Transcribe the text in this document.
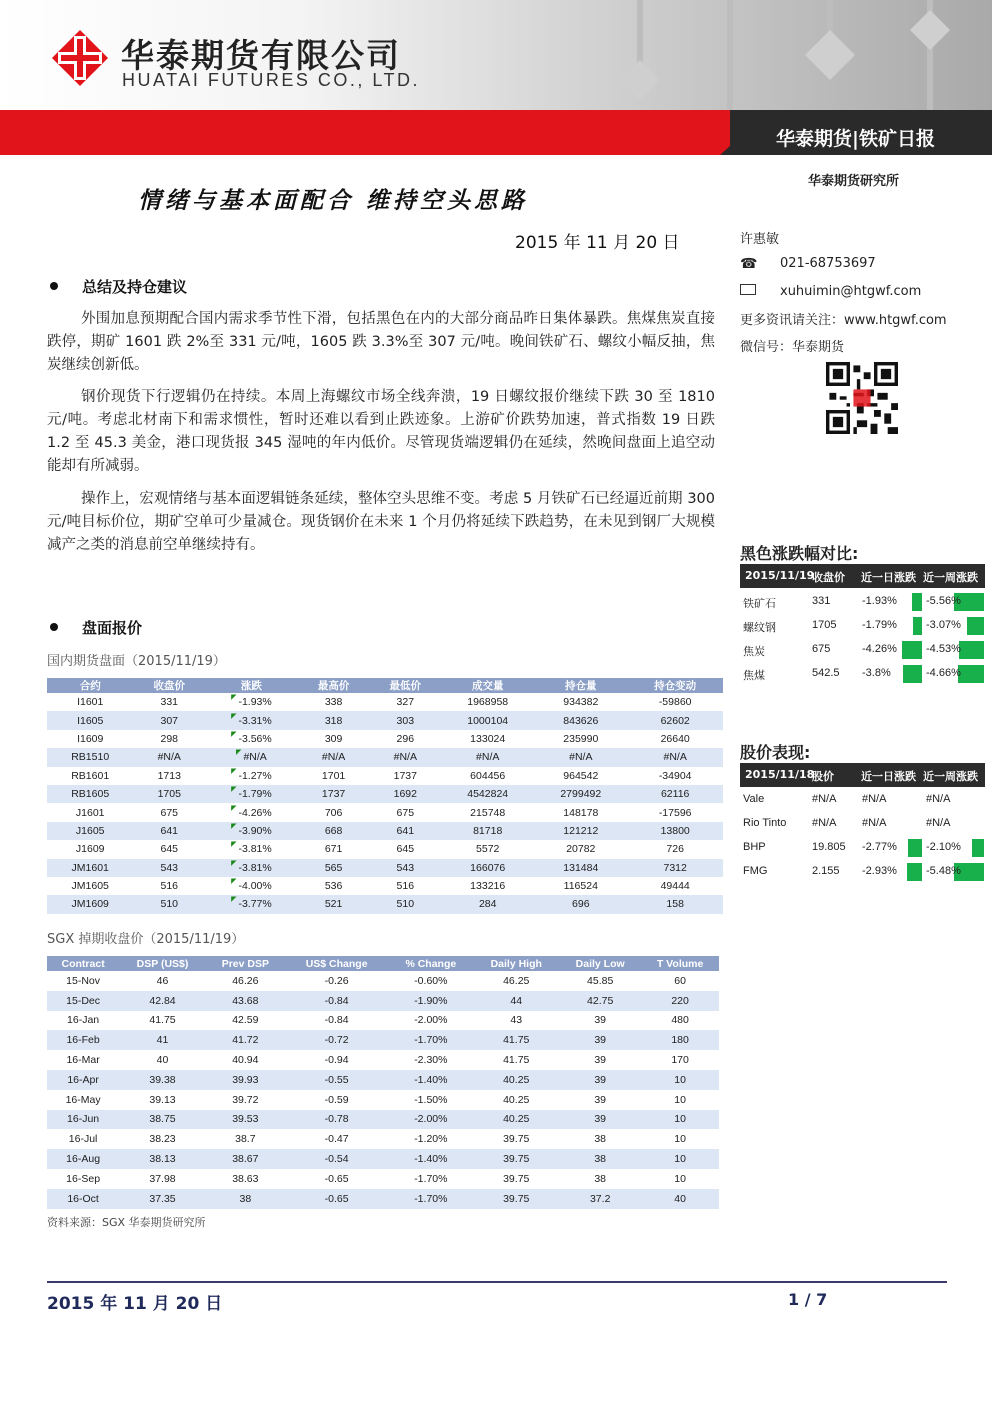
华泰期货有限公司
HUATAI FUTURES CO., LTD.
华泰期货|铁矿日报
华泰期货研究所
情绪与基本面配合 维持空头思路
2015 年 11 月 20 日	许惠敏
☎ 021-68753697
xuhuimin@htgwf.com
更多资讯请关注：www.htgwf.com
微信号：华泰期货
总结及持仓建议
外围加息预期配合国内需求季节性下滑，包括黑色在内的大部分商品昨日集体暴跌。焦煤焦炭直接跌停，期矿 1601 跌 2%至 331 元/吨，1605 跌 3.3%至 307 元/吨。晚间铁矿石、螺纹小幅反抽，焦炭继续创新低。
钢价现货下行逻辑仍在持续。本周上海螺纹市场全线奔溃，19 日螺纹报价继续下跌 30 至 1810 元/吨。考虑北材南下和需求惯性，暂时还难以看到止跌迹象。上游矿价跌势加速，普式指数 19 日跌 1.2 至 45.3 美金，港口现货报 345 湿吨的年内低价。尽管现货端逻辑仍在延续，然晚间盘面上追空动能却有所减弱。
操作上，宏观情绪与基本面逻辑链条延续，整体空头思维不变。考虑 5 月铁矿石已经逼近前期 300 元/吨目标价位，期矿空单可少量减仓。现货钢价在未来 1 个月仍将延续下跌趋势，在未见到钢厂大规模减产之类的消息前空单继续持有。
盘面报价
国内期货盘面（2015/11/19）
合约	收盘价	涨跌	最高价	最低价	成交量	持仓量	持仓变动
I1601	331	◤ -1.93%	338	327	1968958	934382	-59860
I1605	307	◤ -3.31%	318	303	1000104	843626	62602
I1609	298	◤ -3.56%	309	296	133024	235990	26640
RB1510	#N/A	◤ #N/A	#N/A	#N/A	#N/A	#N/A	#N/A
RB1601	1713	◤ -1.27%	1701	1737	604456	964542	-34904
RB1605	1705	◤ -1.79%	1737	1692	4542824	2799492	62116
J1601	675	◤ -4.26%	706	675	215748	148178	-17596
J1605	641	◤ -3.90%	668	641	81718	121212	13800
J1609	645	◤ -3.81%	671	645	5572	20782	726
JM1601	543	◤ -3.81%	565	543	166076	131484	7312
JM1605	516	◤ -4.00%	536	516	133216	116524	49444
JM1609	510	◤ -3.77%	521	510	284	696	158
SGX 掉期收盘价（2015/11/19）
Contract	DSP (US$)	Prev DSP	US$ Change	% Change	Daily High	Daily Low	T Volume
15-Nov	46	46.26	-0.26	-0.60%	46.25	45.85	60
15-Dec	42.84	43.68	-0.84	-1.90%	44	42.75	220
16-Jan	41.75	42.59	-0.84	-2.00%	43	39	480
16-Feb	41	41.72	-0.72	-1.70%	41.75	39	180
16-Mar	40	40.94	-0.94	-2.30%	41.75	39	170
16-Apr	39.38	39.93	-0.55	-1.40%	40.25	39	10
16-May	39.13	39.72	-0.59	-1.50%	40.25	39	10
16-Jun	38.75	39.53	-0.78	-2.00%	40.25	39	10
16-Jul	38.23	38.7	-0.47	-1.20%	39.75	38	10
16-Aug	38.13	38.67	-0.54	-1.40%	39.75	38	10
16-Sep	37.98	38.63	-0.65	-1.70%	39.75	38	10
16-Oct	37.35	38	-0.65	-1.70%	39.75	37.2	40
资料来源：SGX 华泰期货研究所
黑色涨跌幅对比:
2015/11/19
收盘价 近一日涨跌 近一周涨跌
铁矿石	331	-1.93%	-5.56%
螺纹钢	1705 -1.79%	-3.07%
焦炭	675	-4.26%	-4.53%
焦煤	542.5 -3.8%	-4.66%
股价表现:
2015/11/18
股价 近一日涨跌 近一周涨跌
Vale	#N/A #N/A	#N/A
Rio Tinto #N/A #N/A	#N/A
BHP	19.805 -2.77%	-2.10%
FMG	2.155 -2.93%	-5.48%
2015 年 11 月 20 日	1 / 7
